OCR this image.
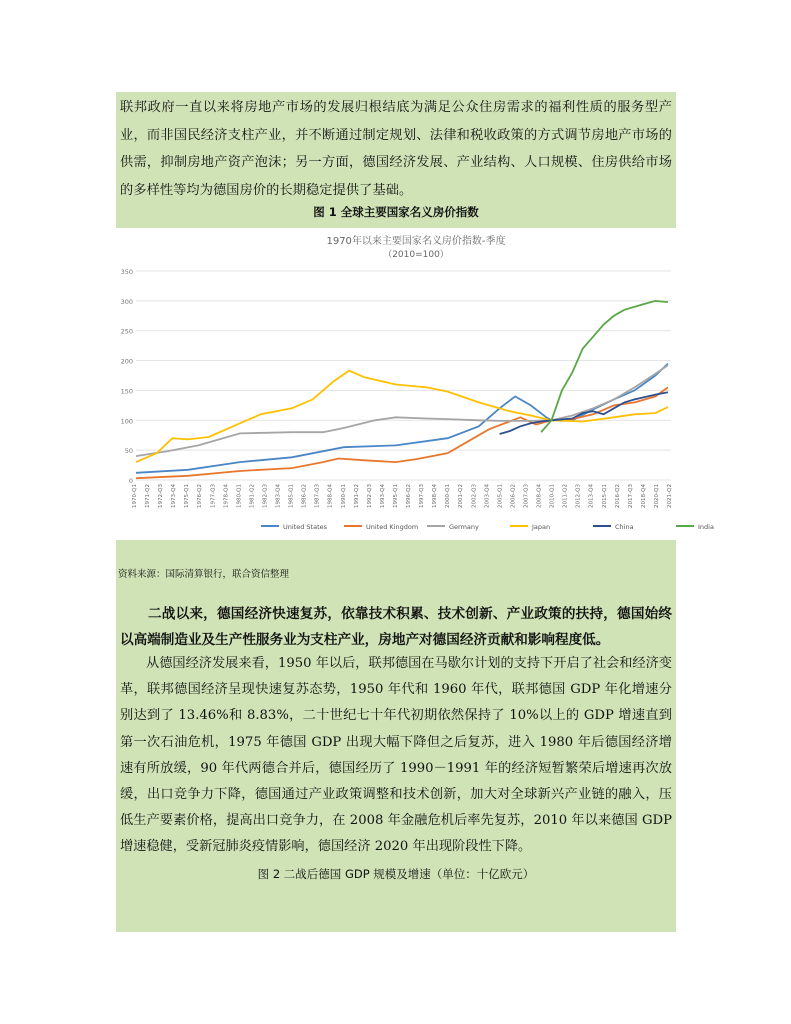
联邦政府一直以来将房地产市场的发展归根结底为满足公众住房需求的福利性质的服务型产业，而非国民经济支柱产业，并不断通过制定规划、法律和税收政策的方式调节房地产市场的供需，抑制房地产资产泡沫；另一方面，德国经济发展、产业结构、人口规模、住房供给市场的多样性等均为德国房价的长期稳定提供了基础。
图 1 全球主要国家名义房价指数
1970年以来主要国家名义房价指数-季度
（2010=100）
0
50
100
150
200
250
300
350
1970-Q1 1971-Q2 1972-Q3 1973-Q4 1975-Q1 1976-Q2 1977-Q3 1978-Q4 1980-Q1 1981-Q2 1982-Q3 1983-Q4 1985-Q1 1986-Q2 1987-Q3 1988-Q4 1990-Q1 1991-Q2 1992-Q3 1993-Q4 1995-Q1 1996-Q2 1997-Q3 1998-Q4 2000-Q1 2001-Q2 2002-Q3 2003-Q4 2005-Q1 2006-Q2 2007-Q3 2008-Q4 2010-Q1 2011-Q2 2012-Q3 2013-Q4 2015-Q1 2016-Q2 2017-Q3 2018-Q4 2020-Q1 2021-Q2
United States	United Kingdom	Germany	Japan	China	India
资料来源：国际清算银行，联合资信整理
二战以来，德国经济快速复苏，依靠技术积累、技术创新、产业政策的扶持，德国始终以高端制造业及生产性服务业为支柱产业，房地产对德国经济贡献和影响程度低。
从德国经济发展来看，1950 年以后，联邦德国在马歇尔计划的支持下开启了社会和经济变革，联邦德国经济呈现快速复苏态势，1950 年代和 1960 年代，联邦德国 GDP 年化增速分别达到了 13.46%和 8.83%，二十世纪七十年代初期依然保持了 10%以上的 GDP 增速直到第一次石油危机，1975 年德国 GDP 出现大幅下降但之后复苏，进入 1980 年后德国经济增速有所放缓，90 年代两德合并后，德国经历了 1990－1991 年的经济短暂繁荣后增速再次放缓，出口竞争力下降，德国通过产业政策调整和技术创新，加大对全球新兴产业链的融入，压低生产要素价格，提高出口竞争力，在 2008 年金融危机后率先复苏，2010 年以来德国 GDP 增速稳健，受新冠肺炎疫情影响，德国经济 2020 年出现阶段性下降。
图 2 二战后德国 GDP 规模及增速（单位：十亿欧元）
